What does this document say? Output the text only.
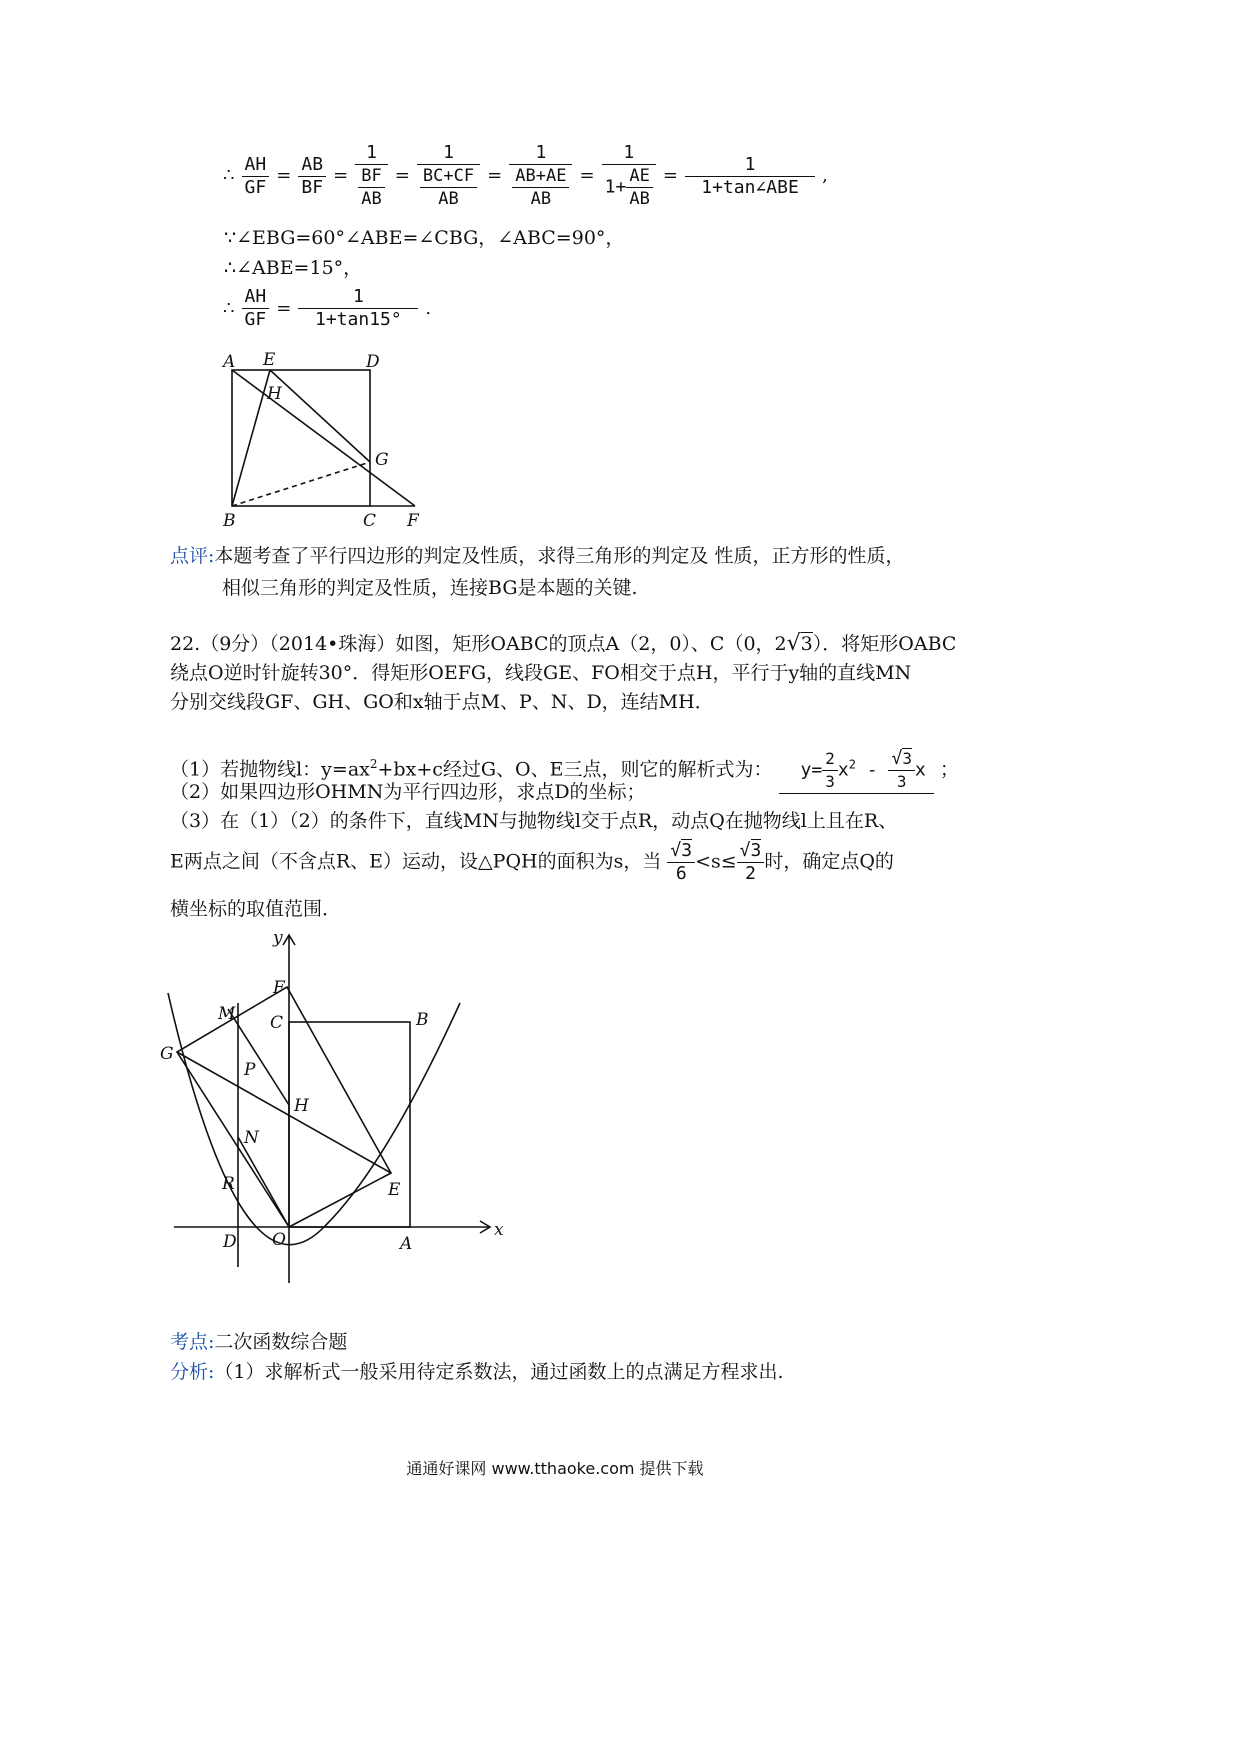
∴ $\frac{AH}{GF} = \frac{AB}{BF} = \frac{1}{\frac{BF}{AB}} = \frac{1}{\frac{BC+CF}{AB}} = \frac{1}{\frac{AB+AE}{AB}} = \frac{1}{1+ \frac{AE}{AB}} = \frac{1}{\text{1+tan∠ABE}}$ ,
∵∠EBG=60°∠ABE=∠CBG，∠ABC=90°，
∴∠ABE=15°，
∴ $\frac{AH}{GF} = \frac{1}{1+\tan 15^\circ}$ .
A E	D
H
G
B	C F
点评:本题考查了平行四边形的判定及性质，求得三角形的判定及 性质，正方形的性质，
相似三角形的判定及性质，连接BG是本题的关键.
22.（9分）（2014•珠海）如图，矩形OABC的顶点A（2，0）、C（0，2√3）．将矩形OABC
绕点O逆时针旋转30°．得矩形OEFG，线段GE、FO相交于点H，平行于y轴的直线MN
分别交线段GF、GH、GO和x轴于点M、P、N、D，连结MH．
（1）若抛物线l：$y=ax^2+bx+c$经过G、O、E三点，则它的解析式为： $y= \frac{2}{3} x^2 - \frac{√3}{3}$ x ；
（2）如果四边形OHMN为平行四边形，求点D的坐标；
（3）在（1）（2）的条件下，直线MN与抛物线l交于点R，动点Q在抛物线l上且在R、
E两点之间（不含点R、E）运动，设△PQH的面积为s，当 $\frac{√3}{6} <s\le \frac{√3}{2}$ 时，确定点Q的
横坐标的取值范围．
y
F
M C	B
G
P
H
N
E
R
D O	A
x
考点:二次函数综合题
分析:（1）求解析式一般采用待定系数法，通过函数上的点满足方程求出.
通通好课网 www.tthaoke.com 提供下载
